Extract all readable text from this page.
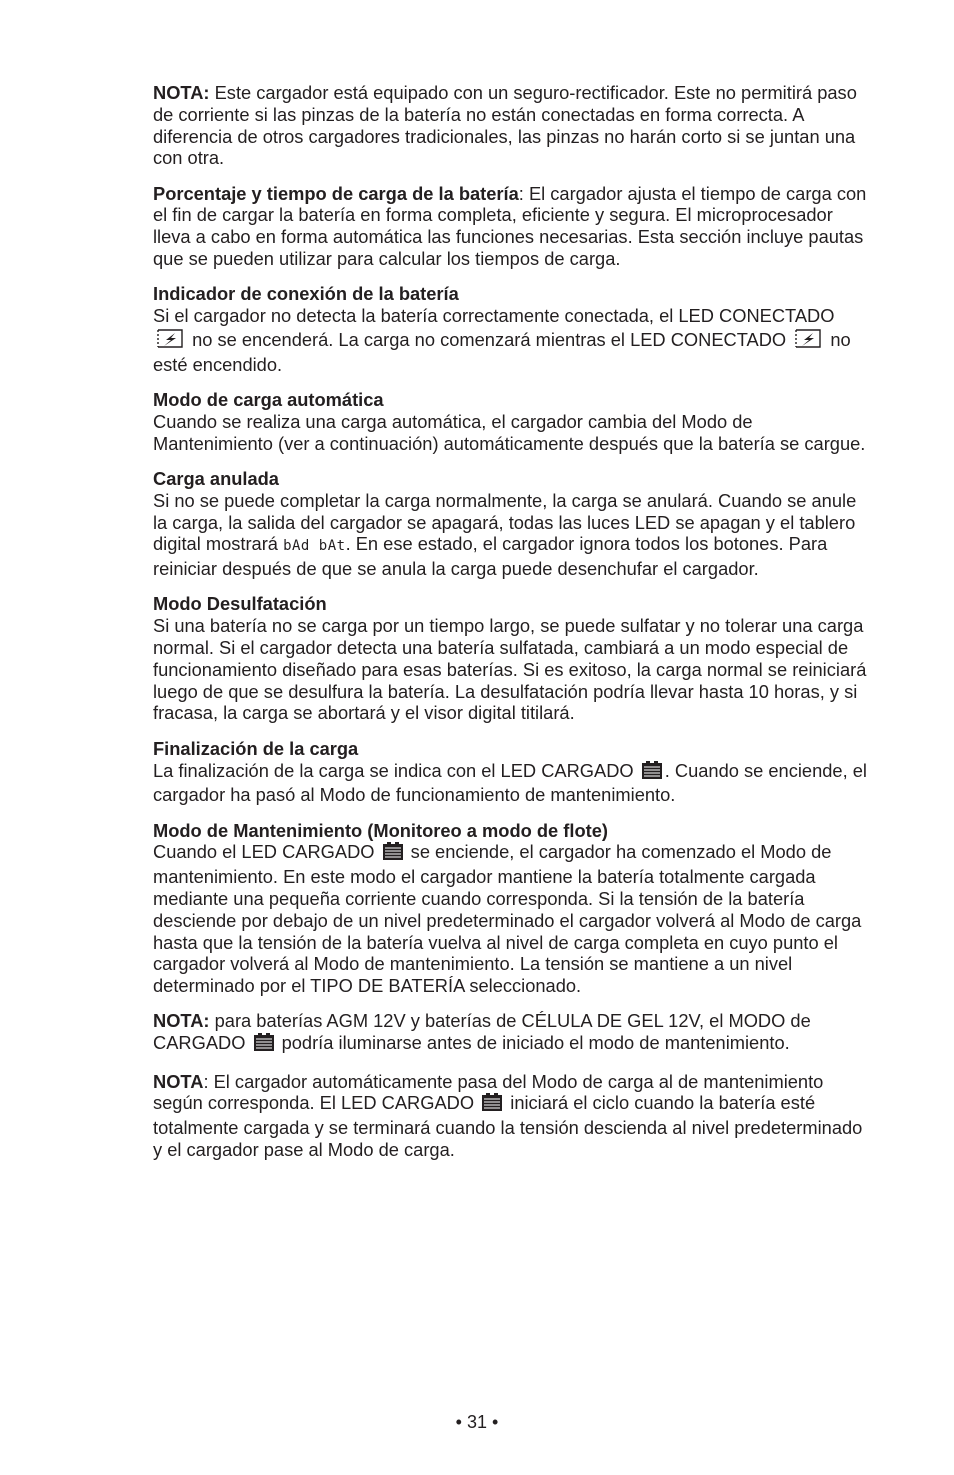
NOTA: Este cargador está equipado con un seguro-rectificador. Este no permitirá paso de corriente si las pinzas de la batería no están conectadas en forma correcta. A diferencia de otros cargadores tradicionales, las pinzas no harán corto si se juntan una con otra.

Porcentaje y tiempo de carga de la batería: El cargador ajusta el tiempo de carga con el fin de cargar la batería en forma completa, eficiente y segura. El microprocesador lleva a cabo en forma automática las funciones necesarias. Esta sección incluye pautas que se pueden utilizar para calcular los tiempos de carga.

Indicador de conexión de la batería
Si el cargador no detecta la batería correctamente conectada, el LED CONECTADO  no se encenderá. La carga no comenzará mientras el LED CONECTADO  no esté encendido.
Modo de carga automática
Cuando se realiza una carga automática, el cargador cambia del Modo de Mantenimiento (ver a continuación) automáticamente después que la batería se cargue.
Carga anulada
Si no se puede completar la carga normalmente, la carga se anulará. Cuando se anule la carga, la salida del cargador se apagará, todas las luces LED se apagan y el tablero digital mostrará bAd bAt. En ese estado, el cargador ignora todos los botones. Para reiniciar después de que se anula la carga puede desenchufar el cargador.
Modo Desulfatación
Si una batería no se carga por un tiempo largo, se puede sulfatar y no tolerar una carga normal. Si el cargador detecta una batería sulfatada, cambiará a un modo especial de funcionamiento diseñado para esas baterías. Si es exitoso, la carga normal se reiniciará luego de que se desulfura la batería. La desulfatación podría llevar hasta 10 horas, y si fracasa, la carga se abortará y el visor digital titilará.
Finalización de la carga
La finalización de la carga se indica con el LED CARGADO . Cuando se enciende, el cargador ha pasó al Modo de funcionamiento de mantenimiento.
Modo de Mantenimiento (Monitoreo a modo de flote)
Cuando el LED CARGADO  se enciende, el cargador ha comenzado el Modo de mantenimiento. En este modo el cargador mantiene la batería totalmente cargada mediante una pequeña corriente cuando corresponda. Si la tensión de la batería desciende por debajo de un nivel predeterminado el cargador volverá al Modo de carga hasta que la tensión de la batería vuelva al nivel de carga completa en cuyo punto el cargador volverá al Modo de mantenimiento. La tensión se mantiene a un nivel determinado por el TIPO DE BATERÍA seleccionado.

NOTA: para baterías AGM 12V y baterías de CÉLULA DE GEL 12V, el MODO de CARGADO  podría iluminarse antes de iniciado el modo de mantenimiento.

NOTA: El cargador automáticamente pasa del Modo de carga al de mantenimiento según corresponda. El LED CARGADO  iniciará el ciclo cuando la batería esté totalmente cargada y se terminará cuando la tensión descienda al nivel predeterminado y el cargador pase al Modo de carga.

• 31 •
